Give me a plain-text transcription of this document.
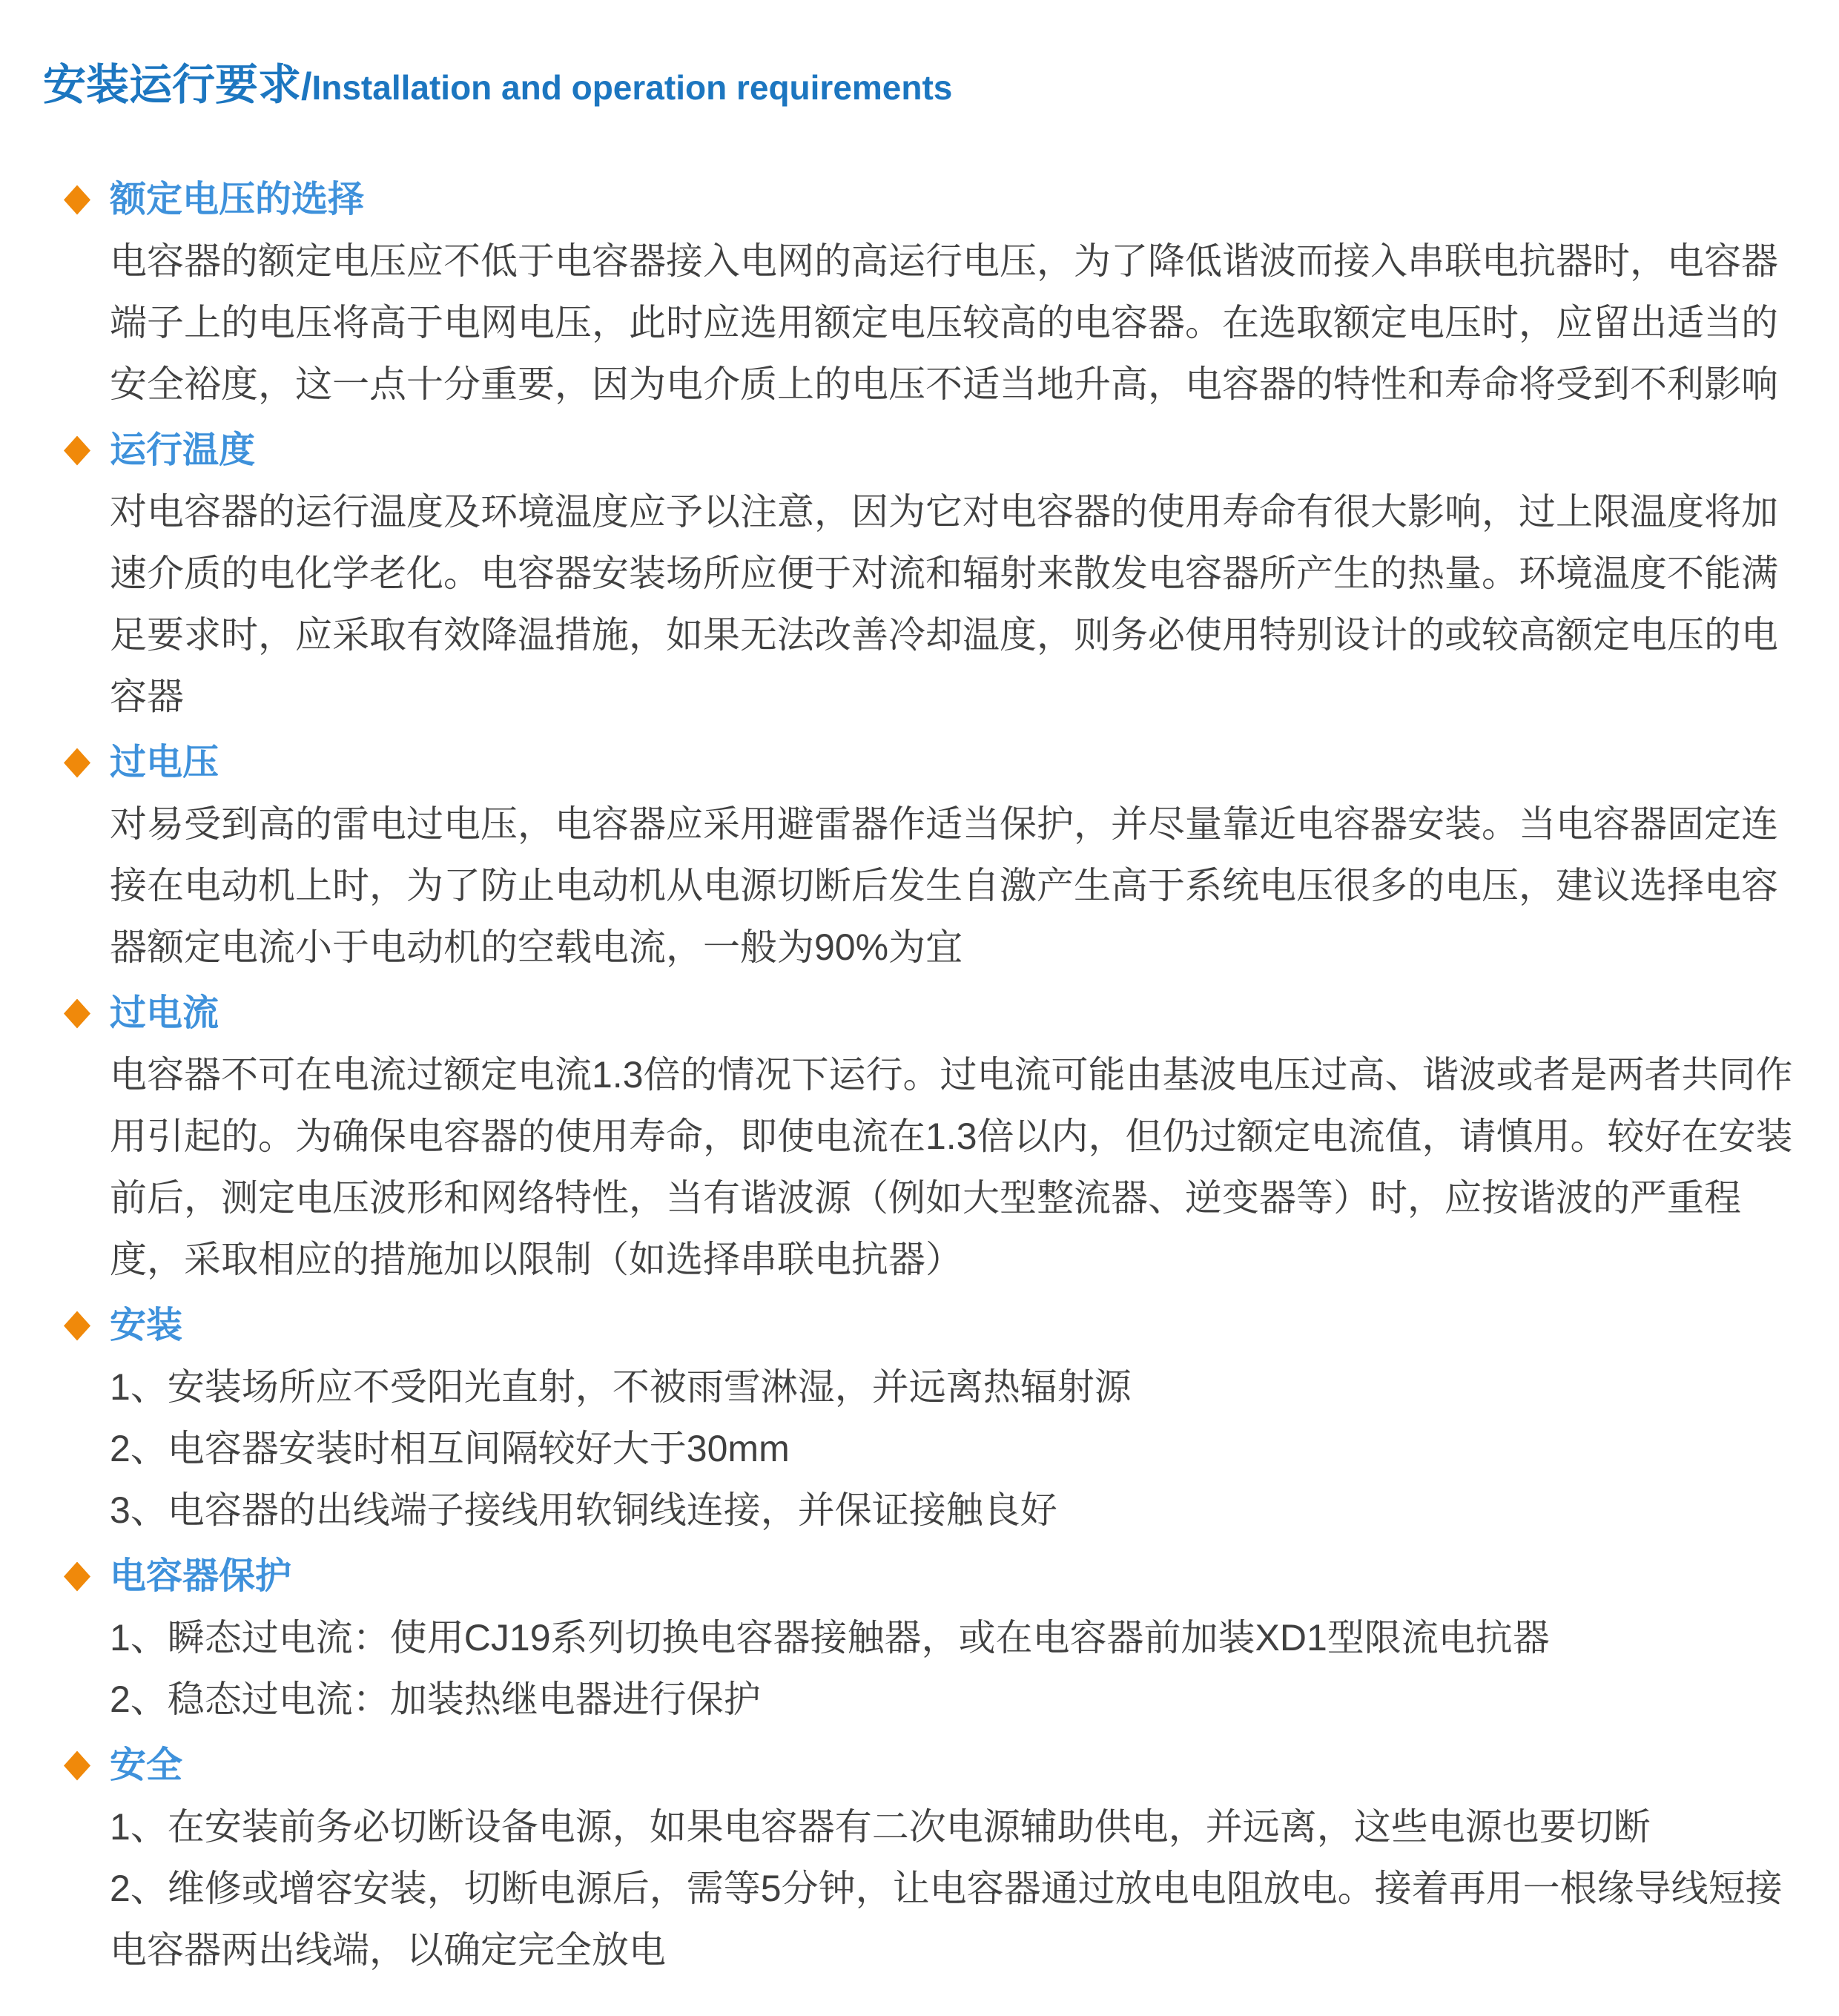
安装运行要求/Installation and operation requirements
额定电压的选择

电容器的额定电压应不低于电容器接入电网的高运行电压，为了降低谐波而接入串联电抗器时，电容器端子上的电压将高于电网电压，此时应选用额定电压较高的电容器。在选取额定电压时，应留出适当的安全裕度，这一点十分重要，因为电介质上的电压不适当地升高，电容器的特性和寿命将受到不利影响

运行温度

对电容器的运行温度及环境温度应予以注意，因为它对电容器的使用寿命有很大影响，过上限温度将加速介质的电化学老化。电容器安装场所应便于对流和辐射来散发电容器所产生的热量。环境温度不能满足要求时，应采取有效降温措施，如果无法改善冷却温度，则务必使用特别设计的或较高额定电压的电容器

过电压

对易受到高的雷电过电压，电容器应采用避雷器作适当保护，并尽量靠近电容器安装。当电容器固定连接在电动机上时，为了防止电动机从电源切断后发生自激产生高于系统电压很多的电压，建议选择电容器额定电流小于电动机的空载电流，一般为90%为宜

过电流

电容器不可在电流过额定电流1.3倍的情况下运行。过电流可能由基波电压过高、谐波或者是两者共同作用引起的。为确保电容器的使用寿命，即使电流在1.3倍以内，但仍过额定电流值，请慎用。较好在安装前后，测定电压波形和网络特性，当有谐波源（例如大型整流器、逆变器等）时，应按谐波的严重程度，采取相应的措施加以限制（如选择串联电抗器）

安装

1、安装场所应不受阳光直射，不被雨雪淋湿，并远离热辐射源

2、电容器安装时相互间隔较好大于30mm

3、电容器的出线端子接线用软铜线连接，并保证接触良好

电容器保护

1、瞬态过电流：使用CJ19系列切换电容器接触器，或在电容器前加装XD1型限流电抗器

2、稳态过电流：加装热继电器进行保护

安全

1、在安装前务必切断设备电源，如果电容器有二次电源辅助供电，并远离，这些电源也要切断

2、维修或增容安装，切断电源后，需等5分钟，让电容器通过放电电阻放电。接着再用一根缘导线短接电容器两出线端，以确定完全放电
